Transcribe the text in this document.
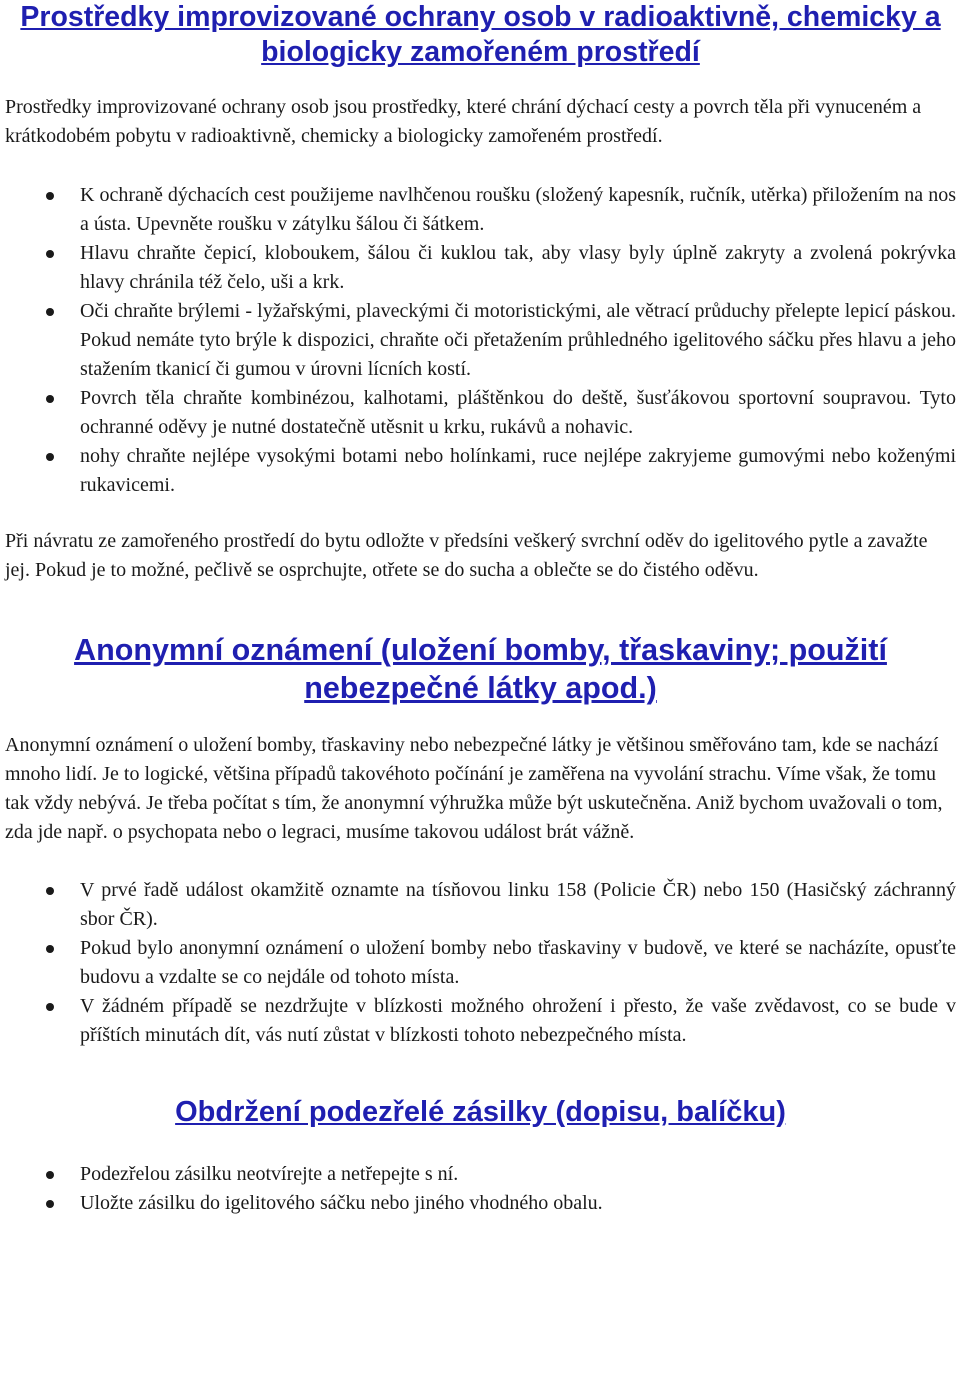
Prostředky improvizované ochrany osob v radioaktivně, chemicky a biologicky zamořeném prostředí

Prostředky improvizované ochrany osob jsou prostředky, které chrání dýchací cesty a povrch těla při vynuceném a krátkodobém pobytu v radioaktivně, chemicky a biologicky zamořeném prostředí.

K ochraně dýchacích cest použijeme navlhčenou roušku (složený kapesník, ručník, utěrka) přiložením na nos a ústa. Upevněte roušku v zátylku šálou či šátkem.
Hlavu chraňte čepicí, kloboukem, šálou či kuklou tak, aby vlasy byly úplně zakryty a zvolená pokrývka hlavy chránila též čelo, uši a krk.
Oči chraňte brýlemi - lyžařskými, plaveckými či motoristickými, ale větrací průduchy přelepte lepicí páskou. Pokud nemáte tyto brýle k dispozici, chraňte oči přetažením průhledného igelitového sáčku přes hlavu a jeho stažením tkanicí či gumou v úrovni lícních kostí.
Povrch těla chraňte kombinézou, kalhotami, pláštěnkou do deště, šusťákovou sportovní soupravou. Tyto ochranné oděvy je nutné dostatečně utěsnit u krku, rukávů a nohavic.
nohy chraňte nejlépe vysokými botami nebo holínkami, ruce nejlépe zakryjeme gumovými nebo koženými rukavicemi.

Při návratu ze zamořeného prostředí do bytu odložte v předsíni veškerý svrchní oděv do igelitového pytle a zavažte jej. Pokud je to možné, pečlivě se osprchujte, otřete se do sucha a oblečte se do čistého oděvu.

Anonymní oznámení (uložení bomby, třaskaviny; použití nebezpečné látky apod.)

Anonymní oznámení o uložení bomby, třaskaviny nebo nebezpečné látky je většinou směřováno tam, kde se nachází mnoho lidí. Je to logické, většina případů takovéhoto počínání je zaměřena na vyvolání strachu. Víme však, že tomu tak vždy nebývá. Je třeba počítat s tím, že anonymní výhružka může být uskutečněna. Aniž bychom uvažovali o tom, zda jde např. o psychopata nebo o legraci, musíme takovou událost brát vážně.

V prvé řadě událost okamžitě oznamte na tísňovou linku 158 (Policie ČR) nebo 150 (Hasičský záchranný sbor ČR).
Pokud bylo anonymní oznámení o uložení bomby nebo třaskaviny v budově, ve které se nacházíte, opusťte budovu a vzdalte se co nejdále od tohoto místa.
V žádném případě se nezdržujte v blízkosti možného ohrožení i přesto, že vaše zvědavost, co se bude v příštích minutách dít, vás nutí zůstat v blízkosti tohoto nebezpečného místa.
Obdržení podezřelé zásilky (dopisu, balíčku)
Podezřelou zásilku neotvírejte a netřepejte s ní.
Uložte zásilku do igelitového sáčku nebo jiného vhodného obalu.
